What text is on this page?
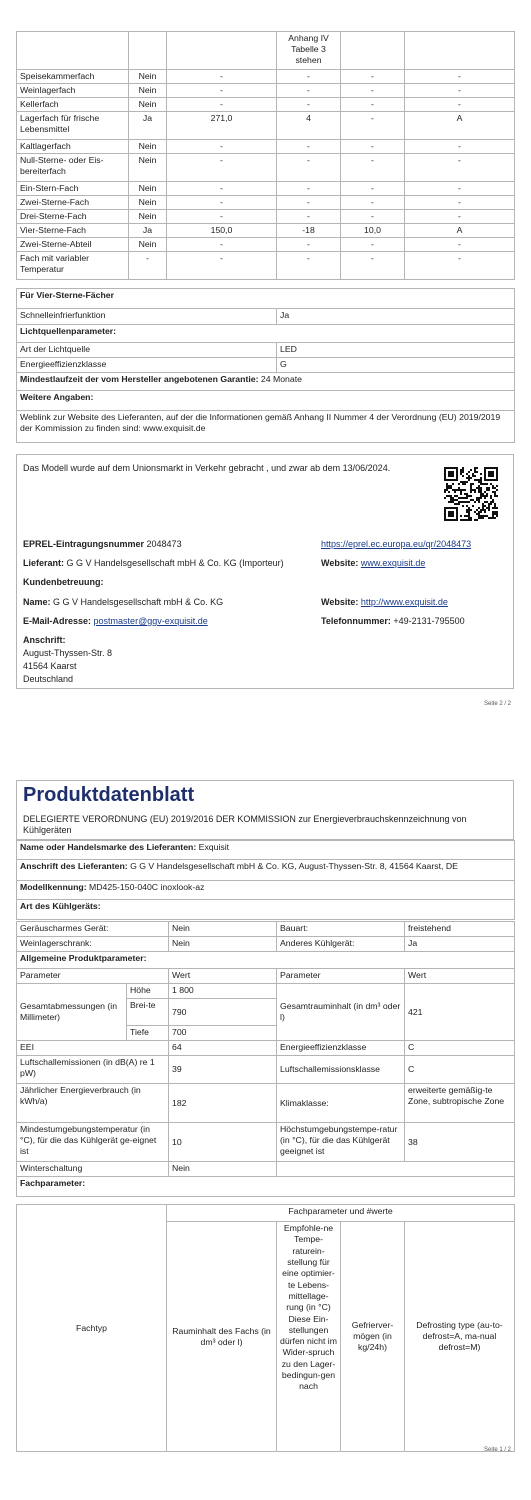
			Anhang IV Tabelle 3 stehen		
Speisekammerfach	Nein	-	-	-	-
Weinlagerfach	Nein	-	-	-	-
Kellerfach	Nein	-	-	-	-
Lagerfach für frische Lebensmittel	Ja	271,0	4	-	A
Kaltlagerfach	Nein	-	-	-	-
Null-Sterne- oder Eis-bereiterfach	Nein	-	-	-	-
Ein-Stern-Fach	Nein	-	-	-	-
Zwei-Sterne-Fach	Nein	-	-	-	-
Drei-Sterne-Fach	Nein	-	-	-	-
Vier-Sterne-Fach	Ja	150,0	-18	10,0	A
Zwei-Sterne-Abteil	Nein	-	-	-	-
Fach mit variabler Temperatur	-	-	-	-	-
Für Vier-Sterne-Fächer	
Schnelleinfrierfunktion	Ja
Lichtquellenparameter:	
Art der Lichtquelle	LED
Energieeffizienzklasse	G
Mindestlaufzeit der vom Hersteller angebotenen Garantie: 24 Monate	
Weitere Angaben:	
Weblink zur Website des Lieferanten, auf der die Informationen gemäß Anhang II Nummer 4 der Verordnung (EU) 2019/2019 der Kommission zu finden sind: www.exquisit.de	
Das Modell wurde auf dem Unionsmarkt in Verkehr gebracht , und zwar ab dem 13/06/2024.
EPREL-Eintragungsnummer 2048473	https://eprel.ec.europa.eu/qr/2048473
Lieferant: G G V Handelsgesellschaft mbH & Co. KG (Importeur)	Website: www.exquisit.de
Kundenbetreuung:
Name: G G V Handelsgesellschaft mbH & Co. KG	Website: http://www.exquisit.de
E-Mail-Adresse: postmaster@ggv-exquisit.de	Telefonnummer: +49-2131-795500
Anschrift:
August-Thyssen-Str. 8
41564 Kaarst
Deutschland
Seite 2 / 2
Produktdatenblatt
DELEGIERTE VERORDNUNG (EU) 2019/2016 DER KOMMISSION zur Energieverbrauchskennzeichnung von Kühlgeräten
Name oder Handelsmarke des Lieferanten: Exquisit
Anschrift des Lieferanten: G G V Handelsgesellschaft mbH & Co. KG, August-Thyssen-Str. 8, 41564 Kaarst, DE
Modellkennung: MD425-150-040C inoxlook-az
Art des Kühlgeräts:
Geräuscharmes Gerät:		Nein	Bauart:	freistehend
Weinlagerschrank:		Nein	Anderes Kühlgerät:	Ja
Allgemeine Produktparameter:				
Parameter		Wert	Parameter	Wert
Gesamtabmessungen (in Millimeter)	Höhe	1 800	Gesamtrauminhalt (in dm³ oder l)	421
	Brei-te	790		
	Tiefe	700		
EEI		64	Energieeffizienzklasse	C
Luftschallemissionen (in dB(A) re 1 pW)		39	Luftschallemissionsklasse	C
Jährlicher Energieverbrauch (in kWh/a)		182	Klimaklasse:	erweiterte gemäßig-te Zone, subtropische Zone
Mindestumgebungstemperatur (in °C), für die das Kühlgerät ge-eignet ist		10	Höchstumgebungstempe-ratur (in °C), für die das Kühlgerät geeignet ist	38
Winterschaltung		Nein		
Fachparameter:				
Fachtyp	Fachparameter und #werte			
	Rauminhalt des Fachs (in dm³ oder l)	Empfohle-ne Tempe-raturein-stellung für eine optimier-te Lebens-mittellage-rung (in °C) Diese Ein-stellungen dürfen nicht im Wider-spruch zu den Lager-bedingun-gen nach	Gefrierver-mögen (in kg/24h)	Defrosting type (au-to-defrost=A, ma-nual defrost=M)
Seite 1 / 2
